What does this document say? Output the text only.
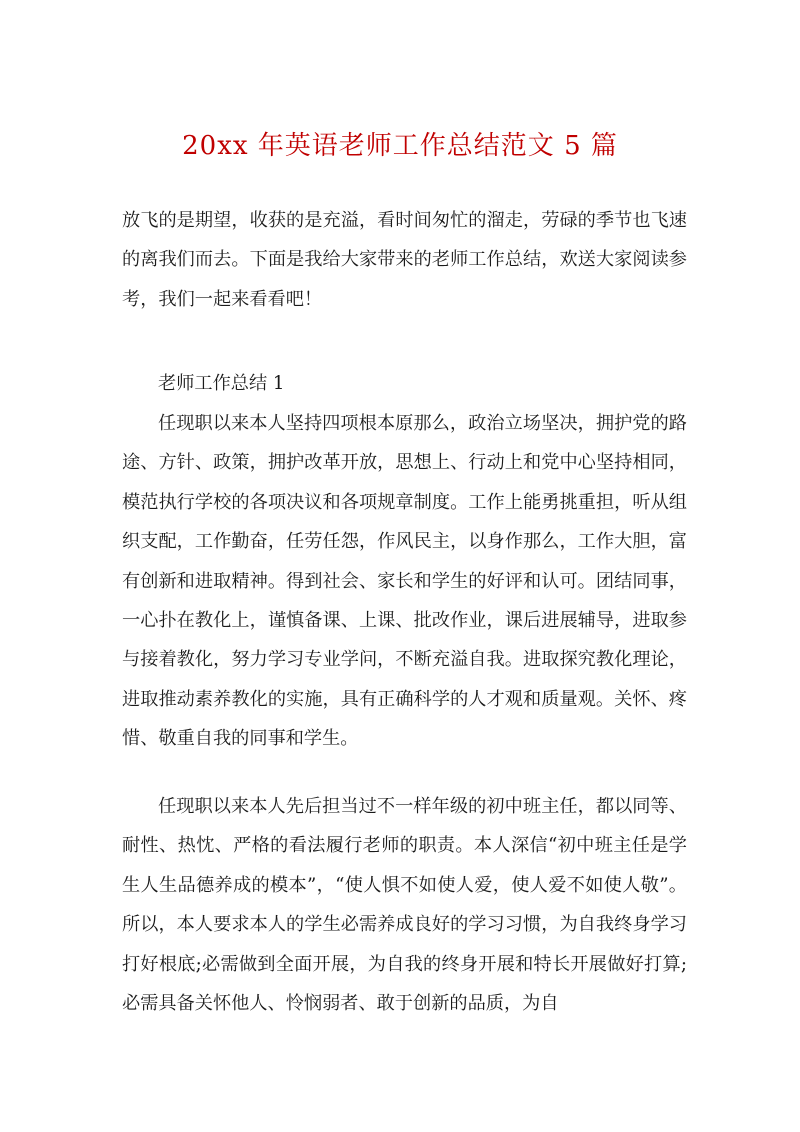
20xx 年英语老师工作总结范文 5 篇

放飞的是期望，收获的是充溢，看时间匆忙的溜走，劳碌的季节也飞速的离我们而去。下面是我给大家带来的老师工作总结，欢送大家阅读参考，我们一起来看看吧！

老师工作总结 1

任现职以来本人坚持四项根本原那么，政治立场坚决，拥护党的路途、方针、政策，拥护改革开放，思想上、行动上和党中心坚持相同，模范执行学校的各项决议和各项规章制度。工作上能勇挑重担，听从组织支配，工作勤奋，任劳任怨，作风民主，以身作那么，工作大胆，富有创新和进取精神。得到社会、家长和学生的好评和认可。团结同事，一心扑在教化上，谨慎备课、上课、批改作业，课后进展辅导，进取参与接着教化，努力学习专业学问，不断充溢自我。进取探究教化理论，进取推动素养教化的实施，具有正确科学的人才观和质量观。关怀、疼惜、敬重自我的同事和学生。

任现职以来本人先后担当过不一样年级的初中班主任，都以同等、耐性、热忱、严格的看法履行老师的职责。本人深信“初中班主任是学生人生品德养成的模本”，“使人惧不如使人爱，使人爱不如使人敬”。所以，本人要求本人的学生必需养成良好的学习习惯，为自我终身学习打好根底;必需做到全面开展，为自我的终身开展和特长开展做好打算;必需具备关怀他人、怜悯弱者、敢于创新的品质，为自
